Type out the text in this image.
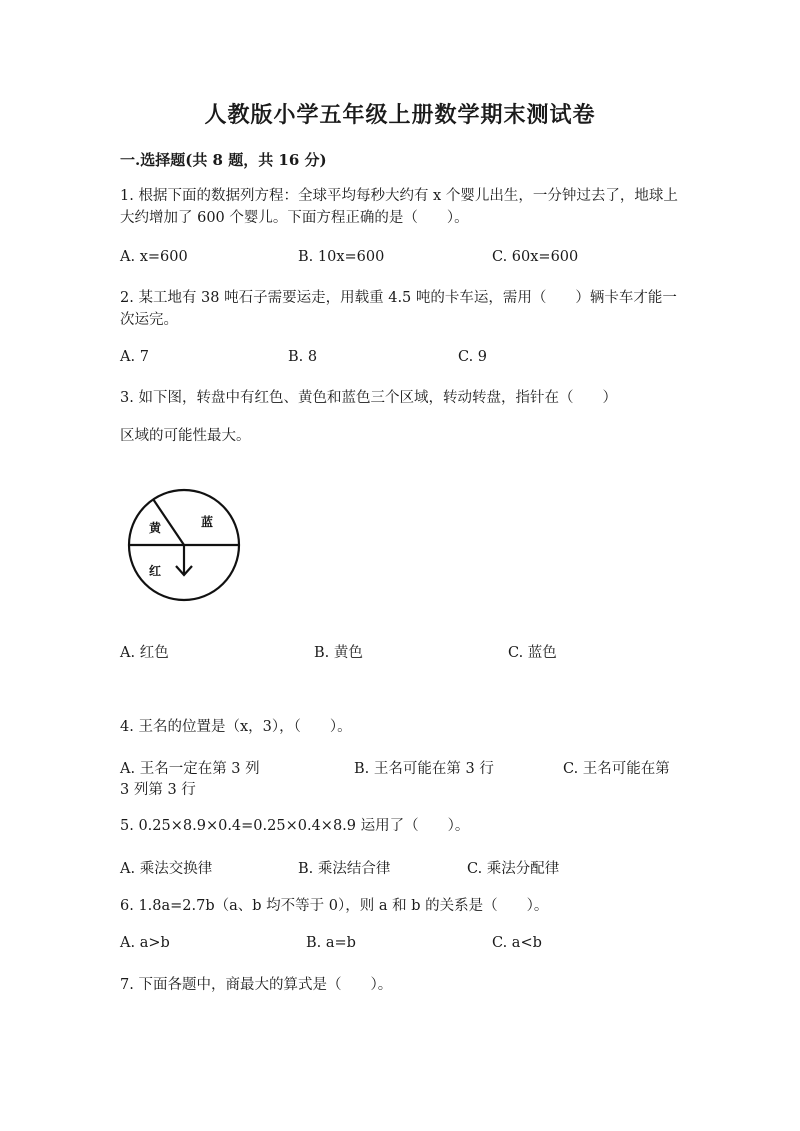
人教版小学五年级上册数学期末测试卷
一.选择题(共 8 题，共 16 分)
1. 根据下面的数据列方程：全球平均每秒大约有 x 个婴儿出生，一分钟过去了，地球上大约增加了 600 个婴儿。下面方程正确的是（　　）。
A. x=600	B. 10x=600	C. 60x=600
2. 某工地有 38 吨石子需要运走，用载重 4.5 吨的卡车运，需用（　　）辆卡车才能一次运完。
A. 7	B. 8	C. 9
3. 如下图，转盘中有红色、黄色和蓝色三个区域，转动转盘，指针在（　　）
区域的可能性最大。
黄	蓝
红
A. 红色	B. 黄色	C. 蓝色
4. 王名的位置是（x，3），（　　）。
A. 王名一定在第 3 列	B. 王名可能在第 3 行	C. 王名可能在第
3 列第 3 行
5. 0.25×8.9×0.4=0.25×0.4×8.9 运用了（　　）。
A. 乘法交换律	B. 乘法结合律	C. 乘法分配律
6. 1.8a=2.7b（a、b 均不等于 0），则 a 和 b 的关系是（　　）。
A. a>b	B. a=b	C. a<b
7. 下面各题中，商最大的算式是（　　）。
